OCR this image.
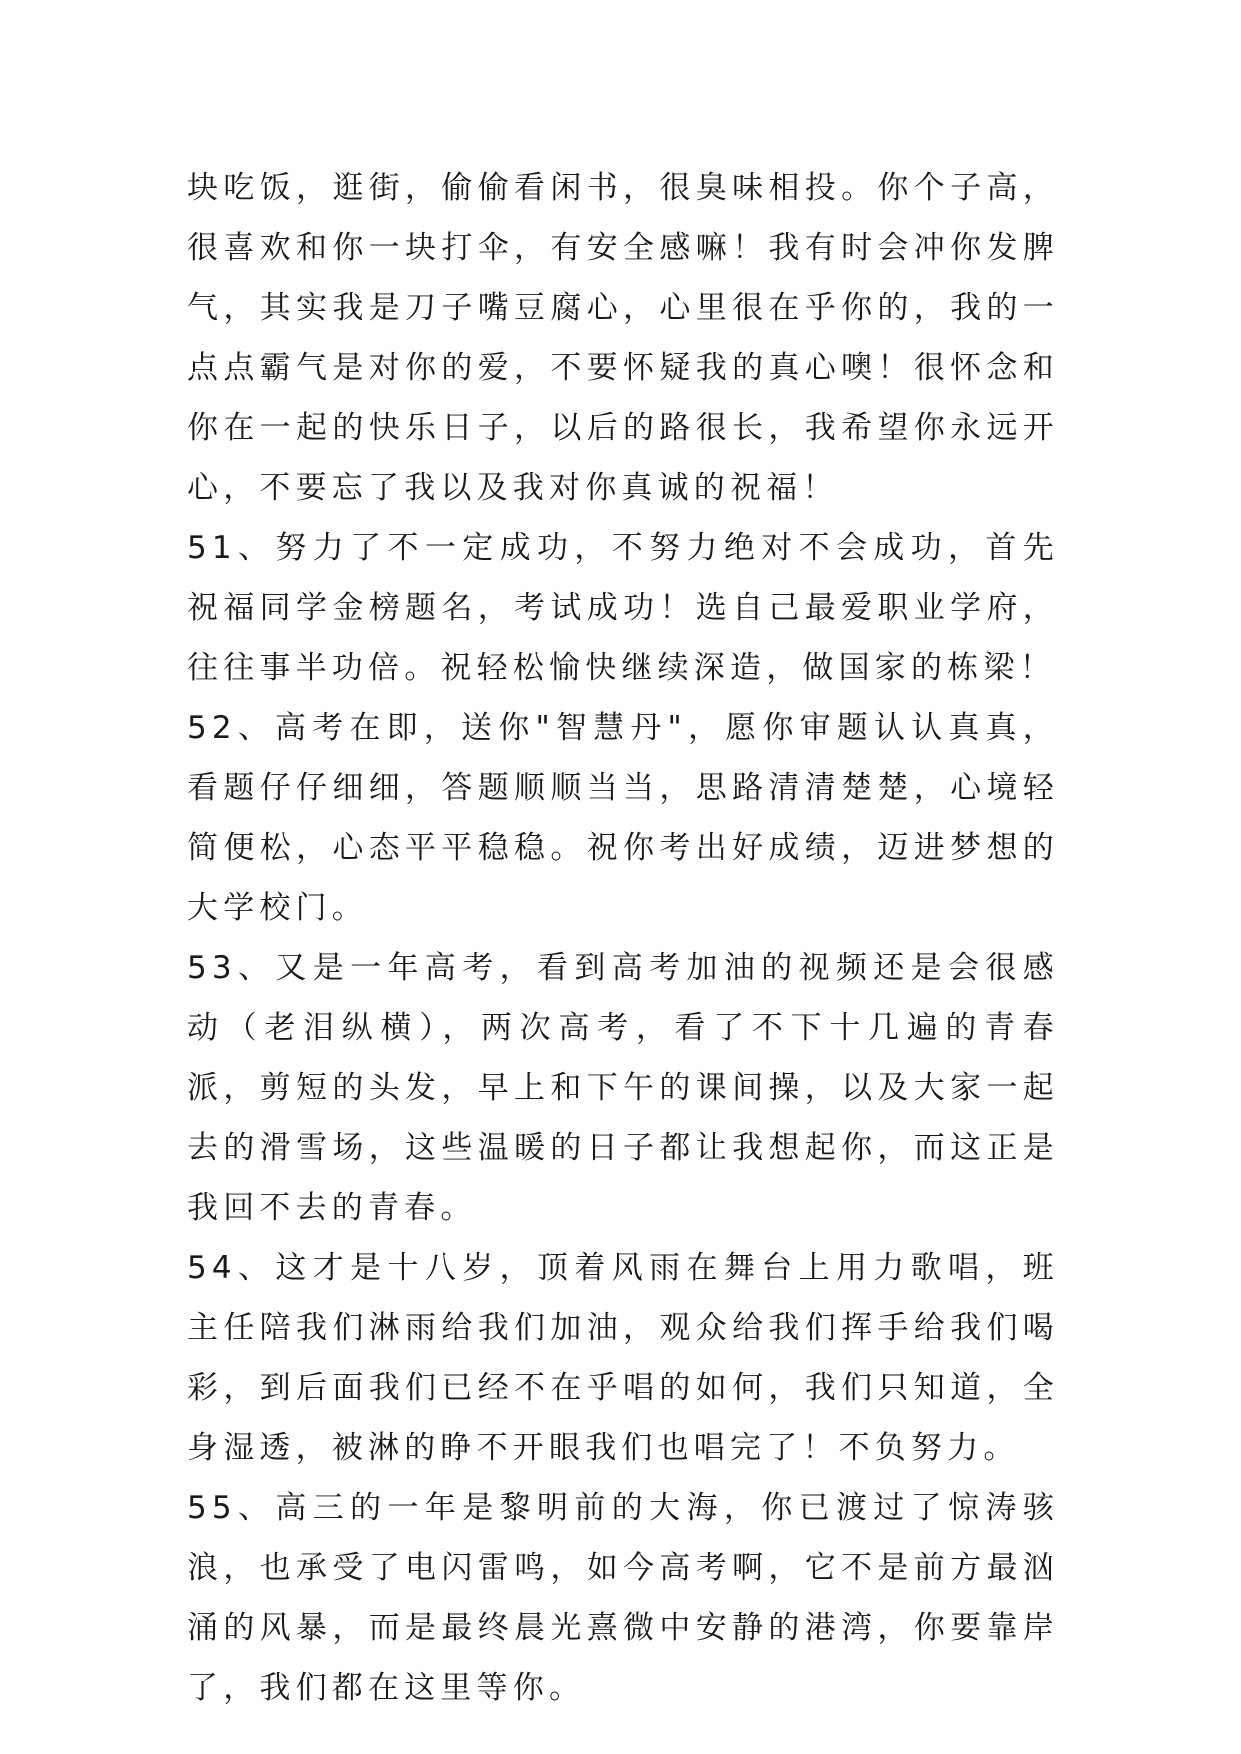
块吃饭，逛街，偷偷看闲书，很臭味相投。你个子高，很喜欢和你一块打伞，有安全感嘛！我有时会冲你发脾气，其实我是刀子嘴豆腐心，心里很在乎你的，我的一点点霸气是对你的爱，不要怀疑我的真心噢！很怀念和你在一起的快乐日子，以后的路很长，我希望你永远开心，不要忘了我以及我对你真诚的祝福！

51、努力了不一定成功，不努力绝对不会成功，首先祝福同学金榜题名，考试成功！选自己最爱职业学府，往往事半功倍。祝轻松愉快继续深造，做国家的栋梁！

52、高考在即，送你"智慧丹"，愿你审题认认真真，看题仔仔细细，答题顺顺当当，思路清清楚楚，心境轻简便松，心态平平稳稳。祝你考出好成绩，迈进梦想的大学校门。

53、又是一年高考，看到高考加油的视频还是会很感动（老泪纵横），两次高考，看了不下十几遍的青春派，剪短的头发，早上和下午的课间操，以及大家一起去的滑雪场，这些温暖的日子都让我想起你，而这正是我回不去的青春。

54、这才是十八岁，顶着风雨在舞台上用力歌唱，班主任陪我们淋雨给我们加油，观众给我们挥手给我们喝彩，到后面我们已经不在乎唱的如何，我们只知道，全身湿透，被淋的睁不开眼我们也唱完了！不负努力。

55、高三的一年是黎明前的大海，你已渡过了惊涛骇浪，也承受了电闪雷鸣，如今高考啊，它不是前方最汹涌的风暴，而是最终晨光熹微中安静的港湾，你要靠岸了，我们都在这里等你。
